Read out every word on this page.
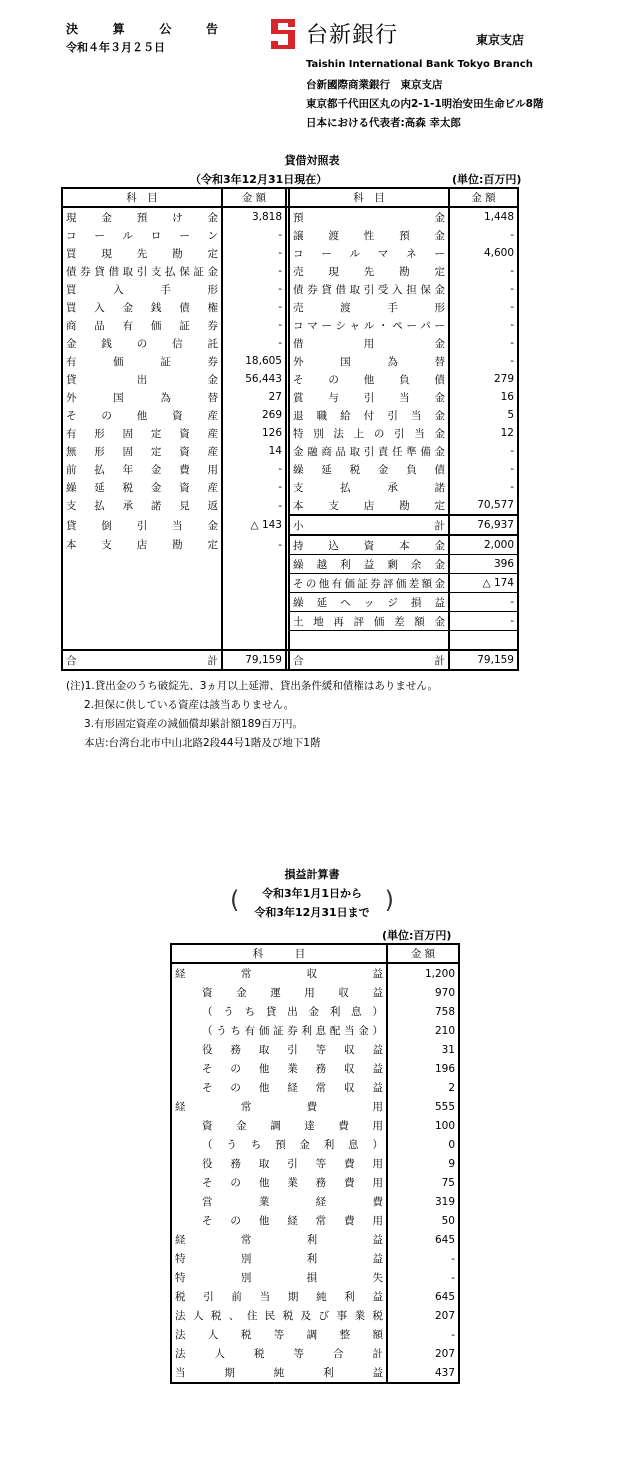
決	算	公	告
令和４年３月２５日	台新銀行	東京支店
Taishin International Bank Tokyo Branch
台新國際商業銀行　東京支店
東京都千代田区丸の内2-1-1明治安田生命ビル8階
日本における代表者:高森 幸太郎
貸借対照表
（令和3年12月31日現在）	(単位:百万円)
科　目	金 額		科　目	金 額
現金預け金	3,818		預金	1,448
コールローン	-		譲渡性預金	-
買現先勘定	-		コールマネー	4,600
債券貸借取引支払保証金	-		売現先勘定	-
買入手形	-		債券貸借取引受入担保金	-
買入金銭債権	-		売渡手形	-
商品有価証券	-		コマーシャル・ペーパー	-
金銭の信託	-		借用金	-
有価証券	18,605		外国為替	-
貸出金	56,443		その他負債	279
外国為替	27		賞与引当金	16
その他資産	269		退職給付引当金	5
有形固定資産	126		特別法上の引当金	12
無形固定資産	14		金融商品取引責任準備金	-
前払年金費用	-		繰延税金負債	-
繰延税金資産	-		支払承諾	-
支払承諾見返	-		本支店勘定	70,577
貸倒引当金	△ 143		小 計	76,937
本支店勘定	-		持込資本金	2,000
			繰越利益剰余金	396
			その他有価証券評価差額金	△ 174
			繰延ヘッジ損益	-
			土地再評価差額金	-

合 計	79,159		合 計	79,159
(注)1.貸出金のうち破綻先、3ヵ月以上延滞、貸出条件緩和債権はありません。
2.担保に供している資産は該当ありません。
3.有形固定資産の減価償却累計額189百万円。
本店:台湾台北市中山北路2段44号1階及び地下1階
損益計算書
(	)
令和3年1月1日から
令和3年12月31日まで
(単位:百万円)
科　　　目	金 額

経常収益	1,200

資金運用収益	970

（うち貸出金利息）	758

（うち有価証券利息配当金）	210

役務取引等収益	31

その他業務収益	196

その他経常収益	2

経常費用	555

資金調達費用	100

（うち預金利息）	0

役務取引等費用	9

その他業務費用	75

営業経費	319

その他経常費用	50

経常利益	645

特別利益	-

特別損失	-

税引前当期純利益	645

法人税、住民税及び事業税	207

法人税等調整額	-

法人税等合計	207

当期純利益	437
